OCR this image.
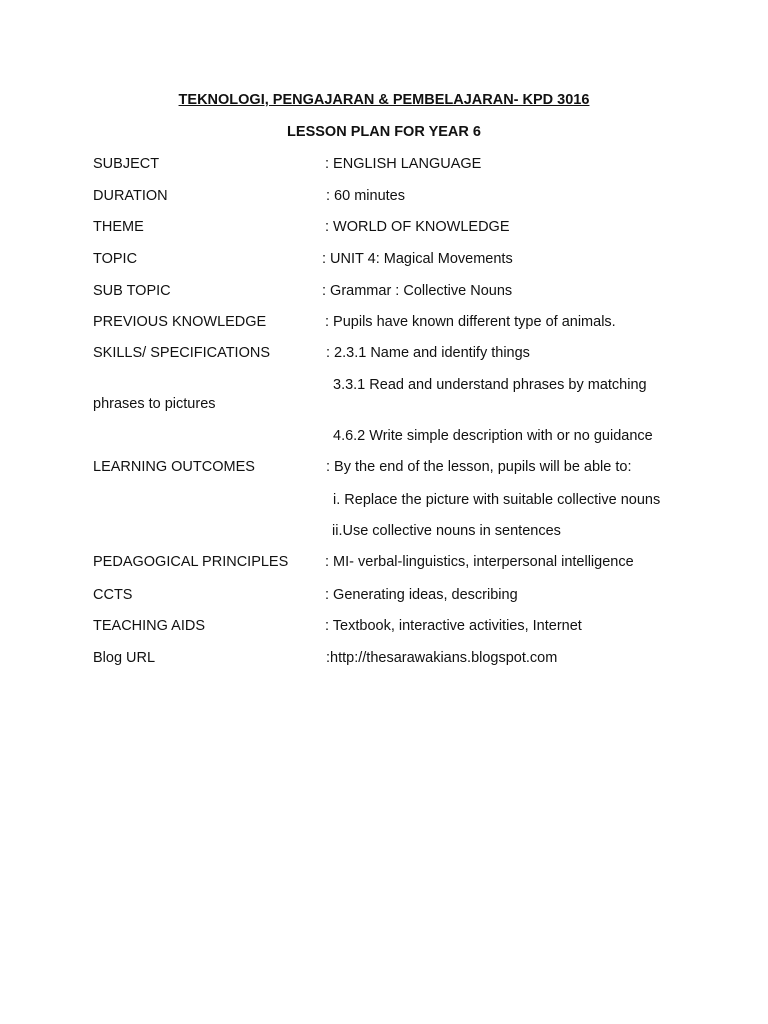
TEKNOLOGI, PENGAJARAN & PEMBELAJARAN- KPD 3016
LESSON PLAN FOR YEAR 6
SUBJECT	: ENGLISH LANGUAGE
DURATION	: 60 minutes
THEME	: WORLD OF KNOWLEDGE
TOPIC	: UNIT 4: Magical Movements
SUB TOPIC	: Grammar : Collective Nouns
PREVIOUS KNOWLEDGE	: Pupils have known different type of animals.
SKILLS/ SPECIFICATIONS	: 2.3.1 Name and identify things
3.3.1 Read and understand phrases by matching
phrases to pictures
4.6.2 Write simple description with or no guidance
LEARNING OUTCOMES	: By the end of the lesson, pupils will be able to:
i. Replace the picture with suitable collective nouns
ii.Use collective nouns in sentences
PEDAGOGICAL PRINCIPLES	: MI- verbal-linguistics, interpersonal intelligence
CCTS	: Generating ideas, describing
TEACHING AIDS	: Textbook, interactive activities, Internet
Blog URL	:http://thesarawakians.blogspot.com
